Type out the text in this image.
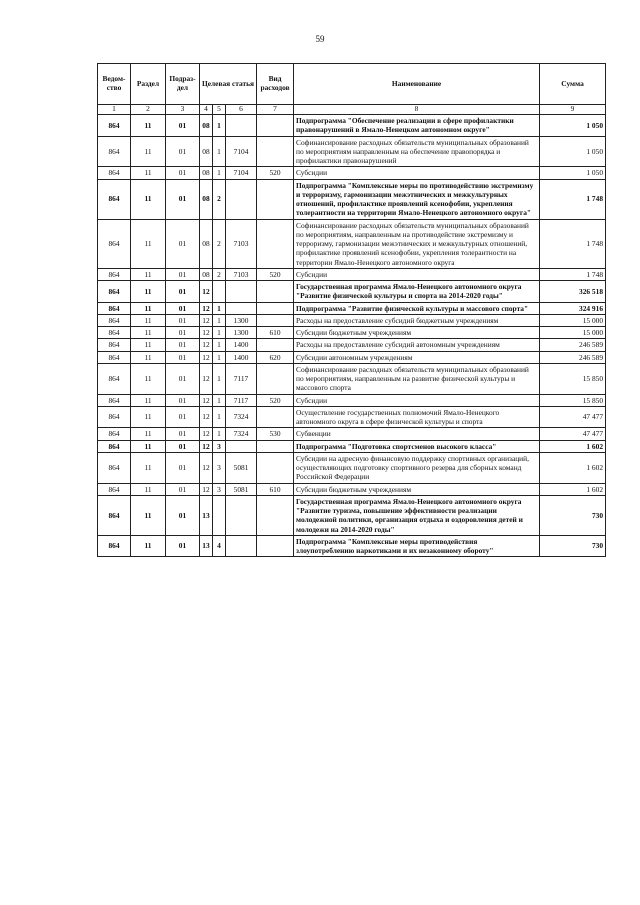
59
Ведом-ство	Раздел	Подраз-дел	Целевая статья			Вид расходов	Наименование	Сумма
1	2	3	4	5	6	7	8	9
864	11	01	08	1			Подпрограмма "Обеспечение реализации в сфере профилактики правонарушений в Ямало-Ненецком автономном округе"	1 050
864	11	01	08	1	7104		Софинансирование расходных обязательств муниципальных образований по мероприятиям направленным на обеспечение правопорядка и профилактики правонарушений	1 050
864	11	01	08	1	7104	520	Субсидии	1 050
864	11	01	08	2			Подпрограмма "Комплексные меры по противодействию экстремизму и терроризму, гармонизации межэтнических и межкультурных отношений, профилактике проявлений ксенофобии, укрепления толерантности на территории Ямало-Ненецкого автономного округа"	1 748
864	11	01	08	2	7103		Софинансирование расходных обязательств муниципальных образований по мероприятиям, направленным на противодействие экстремизму и терроризму, гармонизации межэтнических и межкультурных отношений, профилактике проявлений ксенофобии, укрепления толерантности на территории Ямало-Ненецкого автономного округа	1 748
864	11	01	08	2	7103	520	Субсидии	1 748
864	11	01	12				Государственная программа Ямало-Ненецкого автономного округа "Развитие физической культуры и спорта на 2014-2020 годы"	326 518
864	11	01	12	1			Подпрограмма "Развитие физической культуры и массового спорта"	324 916
864	11	01	12	1	1300		Расходы на предоставление субсидий бюджетным учреждениям	15 000
864	11	01	12	1	1300	610	Субсидии бюджетным учреждениям	15 000
864	11	01	12	1	1400		Расходы на предоставление субсидий автономным учреждениям	246 589
864	11	01	12	1	1400	620	Субсидии автономным учреждениям	246 589
864	11	01	12	1	7117		Софинансирование расходных обязательств муниципальных образований по мероприятиям, направленным на развитие физической культуры и массового спорта	15 850
864	11	01	12	1	7117	520	Субсидии	15 850
864	11	01	12	1	7324		Осуществление государственных полномочий Ямало-Ненецкого автономного округа в сфере физической культуры и спорта	47 477
864	11	01	12	1	7324	530	Субвенции	47 477
864	11	01	12	3			Подпрограмма "Подготовка спортсменов высокого класса"	1 602
864	11	01	12	3	5081		Субсидии на адресную финансовую поддержку спортивных организаций, осуществляющих подготовку спортивного резерва для сборных команд Российской Федерации	1 602
864	11	01	12	3	5081	610	Субсидии бюджетным учреждениям	1 602
864	11	01	13				Государственная программа Ямало-Ненецкого автономного округа "Развитие туризма, повышение эффективности реализации молодежной политики, организация отдыха и оздоровления детей и молодежи на 2014-2020 годы"	730
864	11	01	13	4			Подпрограмма "Комплексные меры противодействия злоупотреблению наркотиками и их незаконному обороту"	730
